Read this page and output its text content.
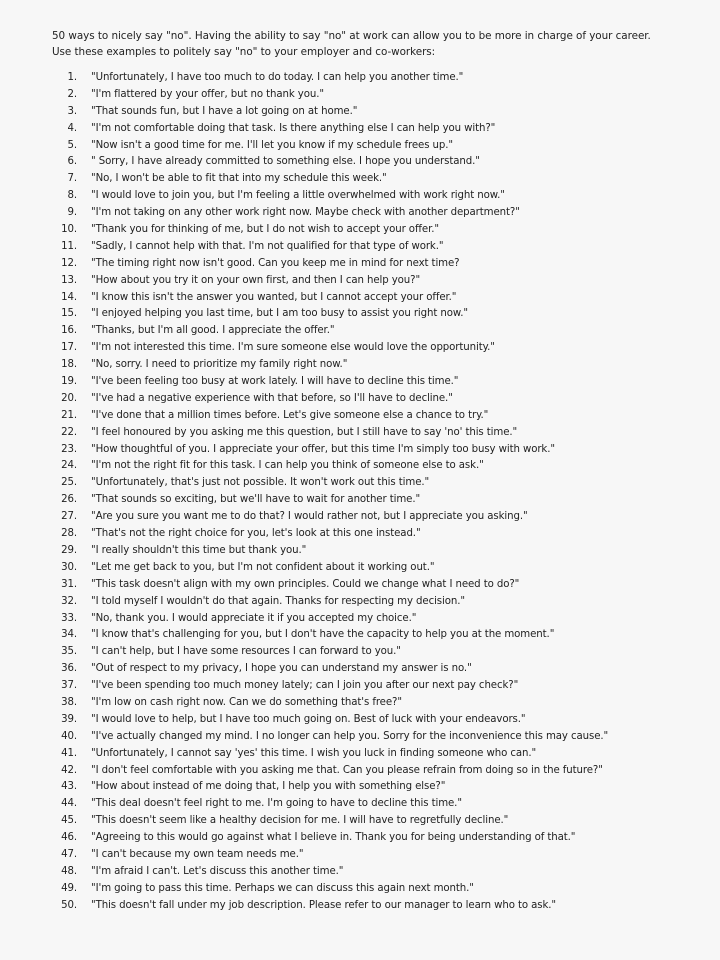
50 ways to nicely say "no". Having the ability to say "no" at work can allow you to be more in charge of your career.

Use these examples to politely say "no" to your employer and co-workers:

1.	"Unfortunately, I have too much to do today. I can help you another time."
2.	"I'm flattered by your offer, but no thank you."
3.	"That sounds fun, but I have a lot going on at home."
4.	"I'm not comfortable doing that task. Is there anything else I can help you with?"
5.	"Now isn't a good time for me. I'll let you know if my schedule frees up."
6.	" Sorry, I have already committed to something else. I hope you understand."
7.	"No, I won't be able to fit that into my schedule this week."
8.	"I would love to join you, but I'm feeling a little overwhelmed with work right now."
9.	"I'm not taking on any other work right now. Maybe check with another department?"
10.	"Thank you for thinking of me, but I do not wish to accept your offer."
11.	"Sadly, I cannot help with that. I'm not qualified for that type of work."
12.	"The timing right now isn't good. Can you keep me in mind for next time?
13.	"How about you try it on your own first, and then I can help you?"
14.	"I know this isn't the answer you wanted, but I cannot accept your offer."
15.	"I enjoyed helping you last time, but I am too busy to assist you right now."
16.	"Thanks, but I'm all good. I appreciate the offer."
17.	"I'm not interested this time. I'm sure someone else would love the opportunity."
18.	"No, sorry. I need to prioritize my family right now."
19.	"I've been feeling too busy at work lately. I will have to decline this time."
20.	"I've had a negative experience with that before, so I'll have to decline."
21.	"I've done that a million times before. Let's give someone else a chance to try."
22.	"I feel honoured by you asking me this question, but I still have to say 'no' this time."
23.	"How thoughtful of you. I appreciate your offer, but this time I'm simply too busy with work."
24.	"I'm not the right fit for this task. I can help you think of someone else to ask."
25.	"Unfortunately, that's just not possible. It won't work out this time."
26.	"That sounds so exciting, but we'll have to wait for another time."
27.	"Are you sure you want me to do that? I would rather not, but I appreciate you asking."
28.	"That's not the right choice for you, let's look at this one instead."
29.	"I really shouldn't this time but thank you."
30.	"Let me get back to you, but I'm not confident about it working out."
31.	"This task doesn't align with my own principles. Could we change what I need to do?"
32.	"I told myself I wouldn't do that again. Thanks for respecting my decision."
33.	"No, thank you. I would appreciate it if you accepted my choice."
34.	"I know that's challenging for you, but I don't have the capacity to help you at the moment."
35.	"I can't help, but I have some resources I can forward to you."
36.	"Out of respect to my privacy, I hope you can understand my answer is no."
37.	"I've been spending too much money lately; can I join you after our next pay check?"
38.	"I'm low on cash right now. Can we do something that's free?"
39.	"I would love to help, but I have too much going on. Best of luck with your endeavors."
40.	"I've actually changed my mind. I no longer can help you. Sorry for the inconvenience this may cause."
41.	"Unfortunately, I cannot say 'yes' this time. I wish you luck in finding someone who can."
42.	"I don't feel comfortable with you asking me that. Can you please refrain from doing so in the future?"
43.	"How about instead of me doing that, I help you with something else?"
44.	"This deal doesn't feel right to me. I'm going to have to decline this time."
45.	"This doesn't seem like a healthy decision for me. I will have to regretfully decline."
46.	"Agreeing to this would go against what I believe in. Thank you for being understanding of that."
47.	"I can't because my own team needs me."
48.	"I'm afraid I can't. Let's discuss this another time."
49.	"I'm going to pass this time. Perhaps we can discuss this again next month."
50.	"This doesn't fall under my job description. Please refer to our manager to learn who to ask."
